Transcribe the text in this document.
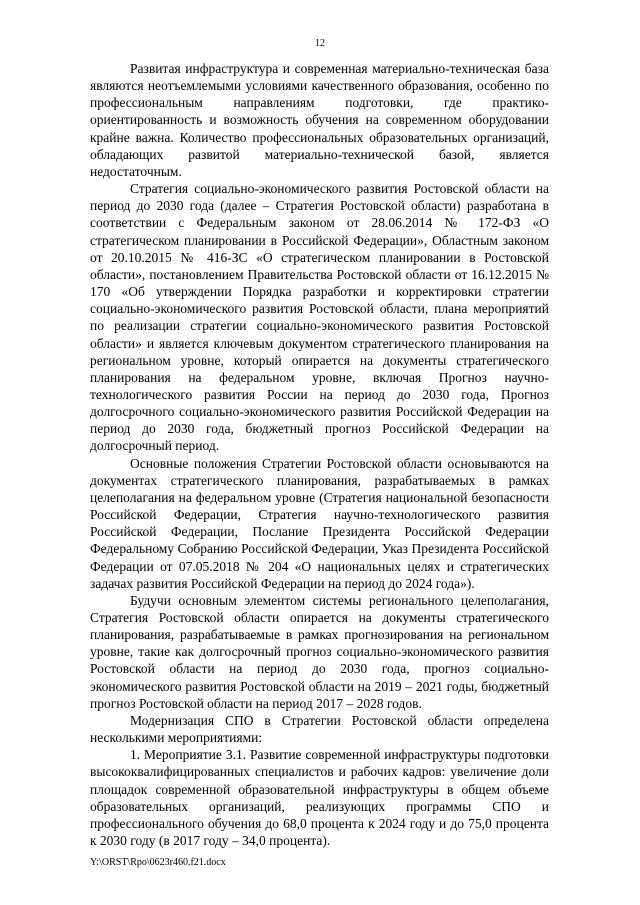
12

Развитая инфраструктура и современная материально-техническая база являются неотъемлемыми условиями качественного образования, особенно по профессиональным направлениям подготовки, где практико-ориентированность и возможность обучения на современном оборудовании крайне важна. Количество профессиональных образовательных организаций, обладающих развитой материально-технической базой, является недостаточным.

Стратегия социально-экономического развития Ростовской области на период до 2030 года (далее – Стратегия Ростовской области) разработана в соответствии с Федеральным законом от 28.06.2014 № 172-ФЗ «О стратегическом планировании в Российской Федерации», Областным законом от 20.10.2015 № 416-ЗС «О стратегическом планировании в Ростовской области», постановлением Правительства Ростовской области от 16.12.2015 № 170 «Об утверждении Порядка разработки и корректировки стратегии социально-экономического развития Ростовской области, плана мероприятий по реализации стратегии социально-экономического развития Ростовской области» и является ключевым документом стратегического планирования на региональном уровне, который опирается на документы стратегического планирования на федеральном уровне, включая Прогноз научно-технологического развития России на период до 2030 года, Прогноз долгосрочного социально-экономического развития Российской Федерации на период до 2030 года, бюджетный прогноз Российской Федерации на долгосрочный период.

Основные положения Стратегии Ростовской области основываются на документах стратегического планирования, разрабатываемых в рамках целеполагания на федеральном уровне (Стратегия национальной безопасности Российской Федерации, Стратегия научно-технологического развития Российской Федерации, Послание Президента Российской Федерации Федеральному Собранию Российской Федерации, Указ Президента Российской Федерации от 07.05.2018 № 204 «О национальных целях и стратегических задачах развития Российской Федерации на период до 2024 года»).

Будучи основным элементом системы регионального целеполагания, Стратегия Ростовской области опирается на документы стратегического планирования, разрабатываемые в рамках прогнозирования на региональном уровне, такие как долгосрочный прогноз социально-экономического развития Ростовской области на период до 2030 года, прогноз социально-экономического развития Ростовской области на 2019 – 2021 годы, бюджетный прогноз Ростовской области на период 2017 – 2028 годов.

Модернизация СПО в Стратегии Ростовской области определена несколькими мероприятиями:

1. Мероприятие 3.1. Развитие современной инфраструктуры подготовки высококвалифицированных специалистов и рабочих кадров: увеличение доли площадок современной образовательной инфраструктуры в общем объеме образовательных организаций, реализующих программы СПО и профессионального обучения до 68,0 процента к 2024 году и до 75,0 процента к 2030 году (в 2017 году – 34,0 процента).

Y:\ORST\Rpo\0623r460.f21.docx
